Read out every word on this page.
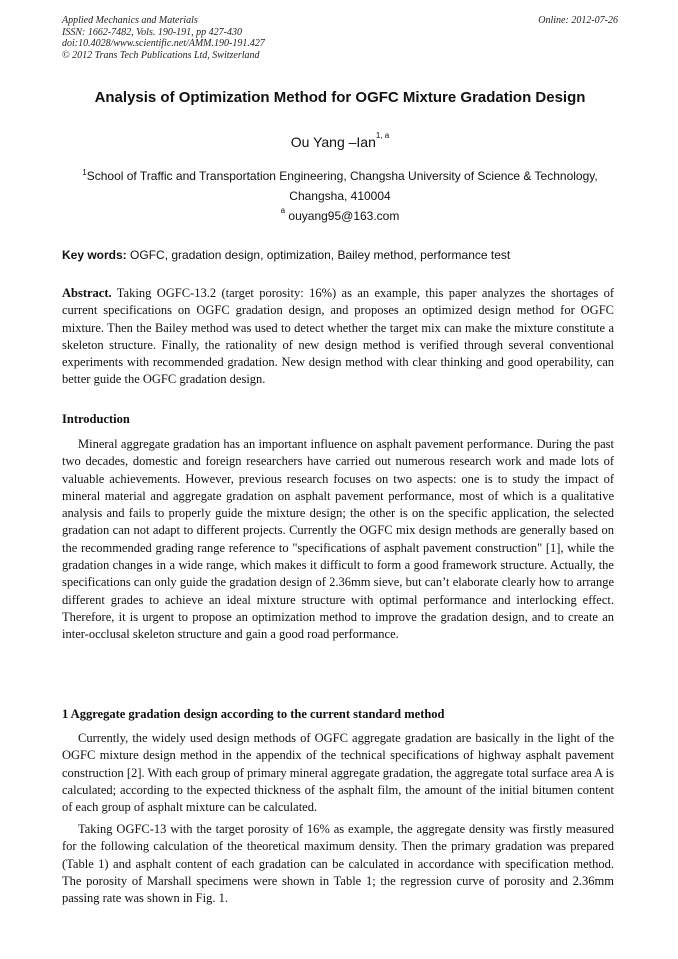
Applied Mechanics and Materials
ISSN: 1662-7482, Vols. 190-191, pp 427-430
doi:10.4028/www.scientific.net/AMM.190-191.427
© 2012 Trans Tech Publications Ltd, Switzerland
Online: 2012-07-26
Analysis of Optimization Method for OGFC Mixture Gradation Design
Ou Yang –Ian$^{1, a}$
$^1$School of Traffic and Transportation Engineering, Changsha University of Science & Technology,
Changsha, 410004
$^a$ ouyang95@163.com
Key words: OGFC, gradation design, optimization, Bailey method, performance test
Abstract. Taking OGFC-13.2 (target porosity: 16%) as an example, this paper analyzes the shortages of current specifications on OGFC gradation design, and proposes an optimized design method for OGFC mixture. Then the Bailey method was used to detect whether the target mix can make the mixture constitute a skeleton structure. Finally, the rationality of new design method is verified through several conventional experiments with recommended gradation. New design method with clear thinking and good operability, can better guide the OGFC gradation design.
Introduction

Mineral aggregate gradation has an important influence on asphalt pavement performance. During the past two decades, domestic and foreign researchers have carried out numerous research work and made lots of valuable achievements. However, previous research focuses on two aspects: one is to study the impact of mineral material and aggregate gradation on asphalt pavement performance, most of which is a qualitative analysis and fails to properly guide the mixture design; the other is on the specific application, the selected gradation can not adapt to different projects. Currently the OGFC mix design methods are generally based on the recommended grading range reference to "specifications of asphalt pavement construction" [1], while the gradation changes in a wide range, which makes it difficult to form a good framework structure. Actually, the specifications can only guide the gradation design of 2.36mm sieve, but can’t elaborate clearly how to arrange different grades to achieve an ideal mixture structure with optimal performance and interlocking effect. Therefore, it is urgent to propose an optimization method to improve the gradation design, and to create an inter-occlusal skeleton structure and gain a good road performance.

1 Aggregate gradation design according to the current standard method

Currently, the widely used design methods of OGFC aggregate gradation are basically in the light of the OGFC mixture design method in the appendix of the technical specifications of highway asphalt pavement construction [2]. With each group of primary mineral aggregate gradation, the aggregate total surface area A is calculated; according to the expected thickness of the asphalt film, the amount of the initial bitumen content of each group of asphalt mixture can be calculated.

Taking OGFC-13 with the target porosity of 16% as example, the aggregate density was firstly measured for the following calculation of the theoretical maximum density. Then the primary gradation was prepared (Table 1) and asphalt content of each gradation can be calculated in accordance with specification method. The porosity of Marshall specimens were shown in Table 1; the regression curve of porosity and 2.36mm passing rate was shown in Fig. 1.
